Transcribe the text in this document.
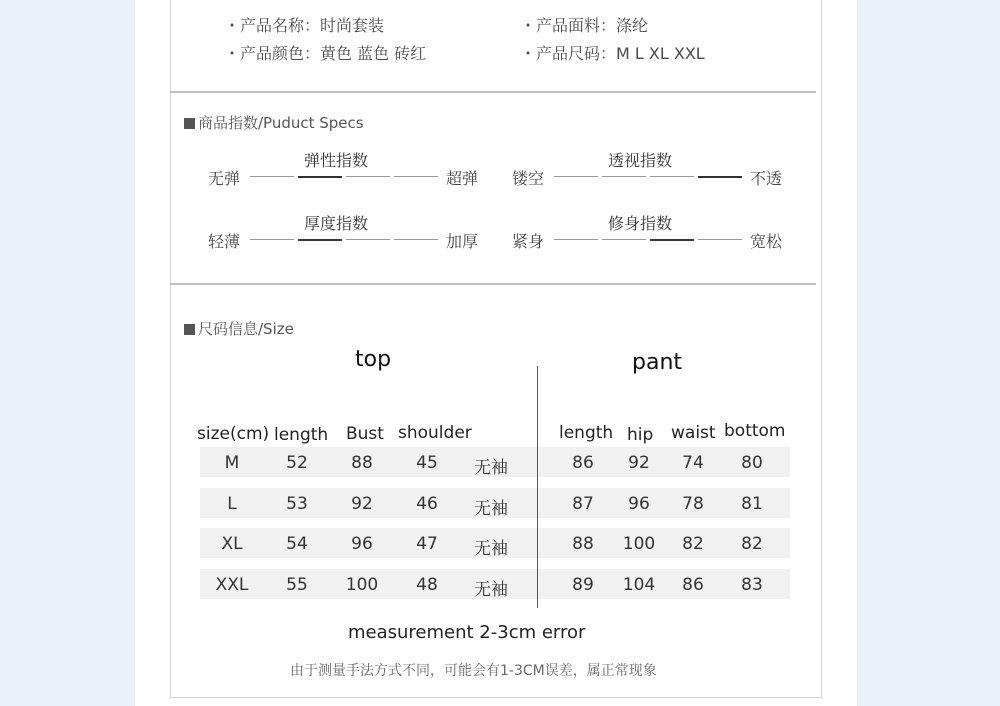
・产品名称：时尚套装	・产品面料：涤纶
・产品颜色：黄色 蓝色 砖红	・产品尺码：M L XL XXL
商品指数/Puduct Specs
无弹
弹性指数
超弹 镂空
透视指数
不透
轻薄
厚度指数
加厚 紧身
修身指数
宽松
尺码信息/Size
top	pant
size(cm) length Bust shoulder	length hip waist bottom
M	52	88	45	无袖	86	92	74	80
L	53	92	46	无袖	87	96	78	81
XL	54	96	47	无袖	88	100	82	82
XXL	55	100	48	无袖	89	104	86	83
measurement 2-3cm error
由于测量手法方式不同，可能会有1-3CM误差，属正常现象
